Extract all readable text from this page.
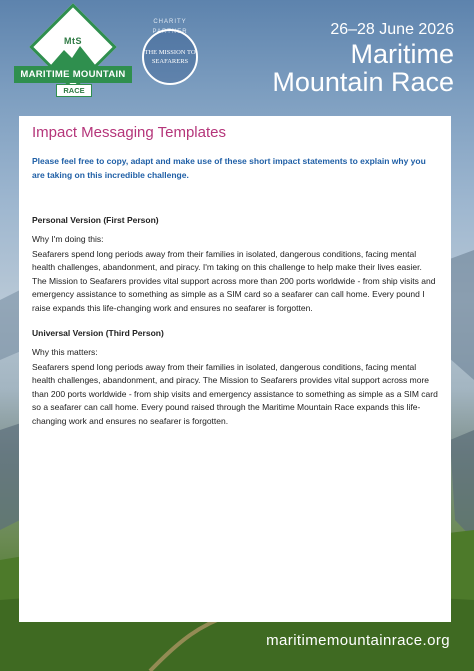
MtS
MARITIME MOUNTAIN
RACE
CHARITY PARTNER
THE MISSION TO SEAFARERS
26–28 June 2026
Maritime
Mountain Race
Impact Messaging Templates

Please feel free to copy, adapt and make use of these short impact statements to explain why you are taking on this incredible challenge.

Personal Version (First Person)

Why I'm doing this:

Seafarers spend long periods away from their families in isolated, dangerous conditions, facing mental health challenges, abandonment, and piracy. I'm taking on this challenge to help make their lives easier. The Mission to Seafarers provides vital support across more than 200 ports worldwide - from ship visits and emergency assistance to something as simple as a SIM card so a seafarer can call home. Every pound I raise expands this life-changing work and ensures no seafarer is forgotten.

Universal Version (Third Person)

Why this matters:

Seafarers spend long periods away from their families in isolated, dangerous conditions, facing mental health challenges, abandonment, and piracy. The Mission to Seafarers provides vital support across more than 200 ports worldwide - from ship visits and emergency assistance to something as simple as a SIM card so a seafarer can call home. Every pound raised through the Maritime Mountain Race expands this life-changing work and ensures no seafarer is forgotten.

maritimemountainrace.org
